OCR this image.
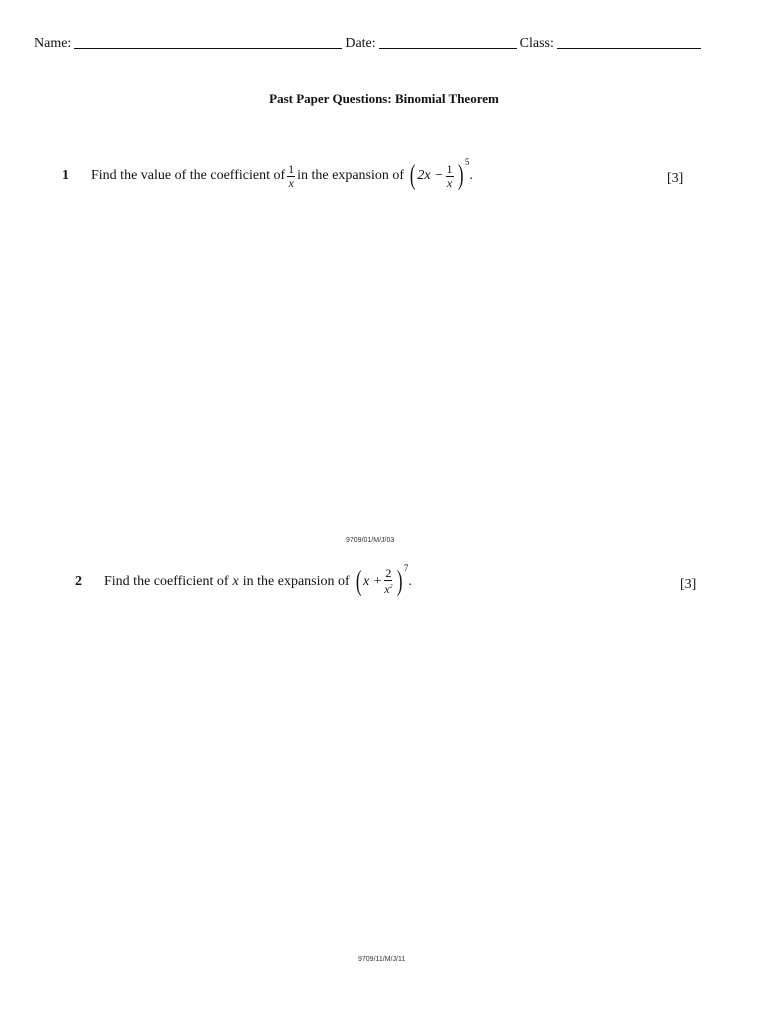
Name:	Date:	Class:
Past Paper Questions: Binomial Theorem
1	Find the value of the coefficient of $\frac{1}{x}$ in the expansion of ( $2x - \frac{1}{x}$ ) 5
.	[3]
9709/01/M/J/03
2	Find the coefficient of x in the expansion of ( $x + \frac{2}{x^2}$ ) 7
.	[3]
9709/11/M/J/11
